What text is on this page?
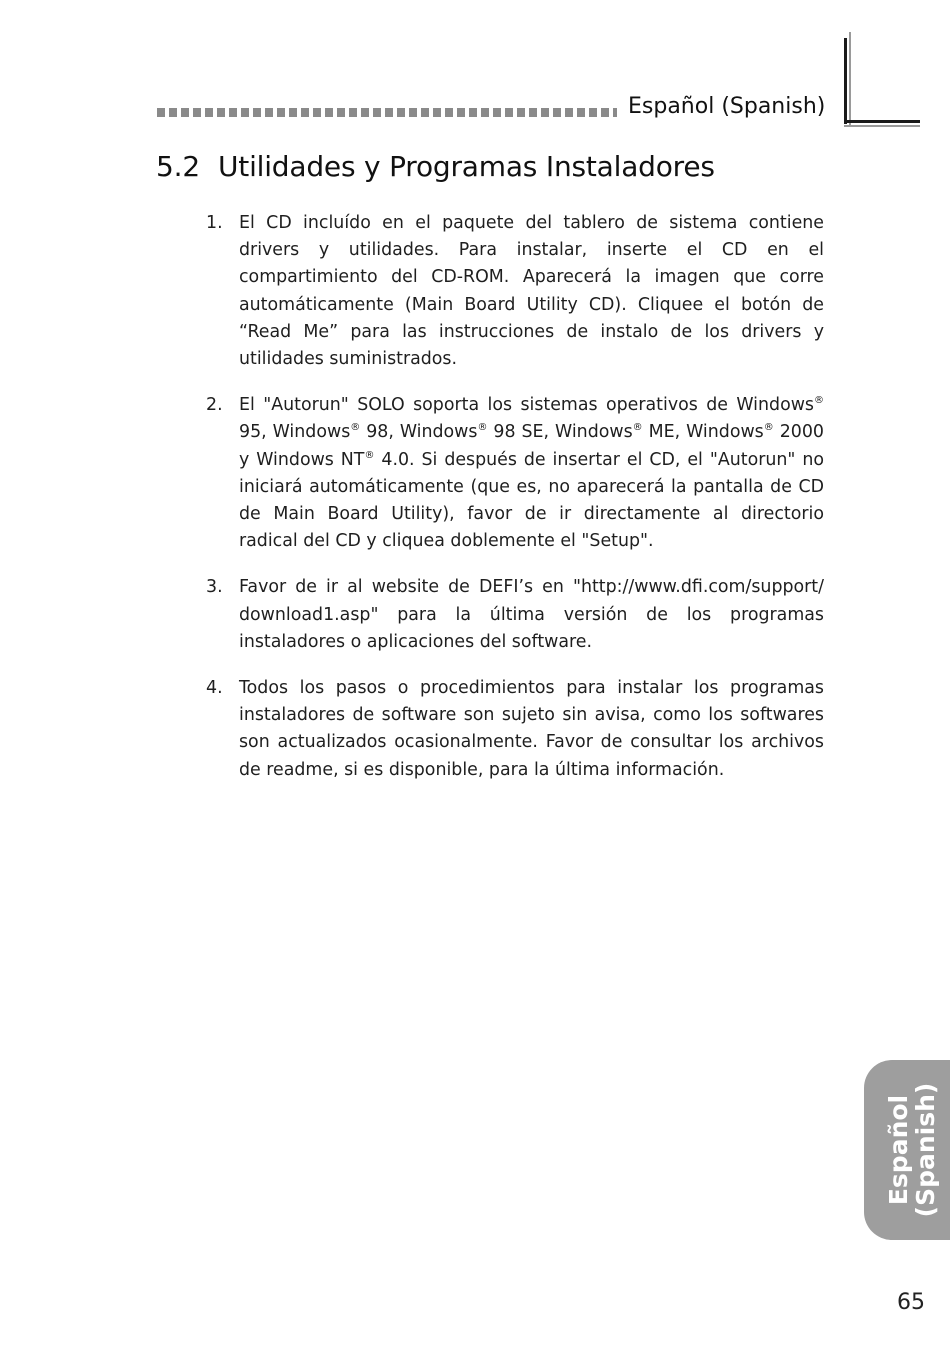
Español (Spanish)
5.2 Utilidades y Programas Instaladores
1. El CD incluído en el paquete del tablero de sistema contiene drivers y utilidades. Para instalar, inserte el CD en el compartimiento del CD-ROM. Aparecerá la imagen que corre automáticamente (Main Board Utility CD). Cliquee el botón de “Read Me” para las instrucciones de instalo de los drivers y utilidades suministrados.
2. El "Autorun" SOLO soporta los sistemas operativos de Windows® 95, Windows® 98, Windows® 98 SE, Windows® ME, Windows® 2000 y Windows NT® 4.0. Si después de insertar el CD, el "Autorun" no iniciará automáticamente (que es, no aparecerá la pantalla de CD de Main Board Utility), favor de ir directamente al directorio radical del CD y cliquea doblemente el "Setup".
3. Favor de ir al website de DEFI’s en "http://www.dfi.com/support/ download1.asp" para la última versión de los programas instaladores o aplicaciones del software.
4. Todos los pasos o procedimientos para instalar los programas instaladores de software son sujeto sin avisa, como los softwares son actualizados ocasionalmente. Favor de consultar los archivos de readme, si es disponible, para la última información.
Español
(Spanish)
65
